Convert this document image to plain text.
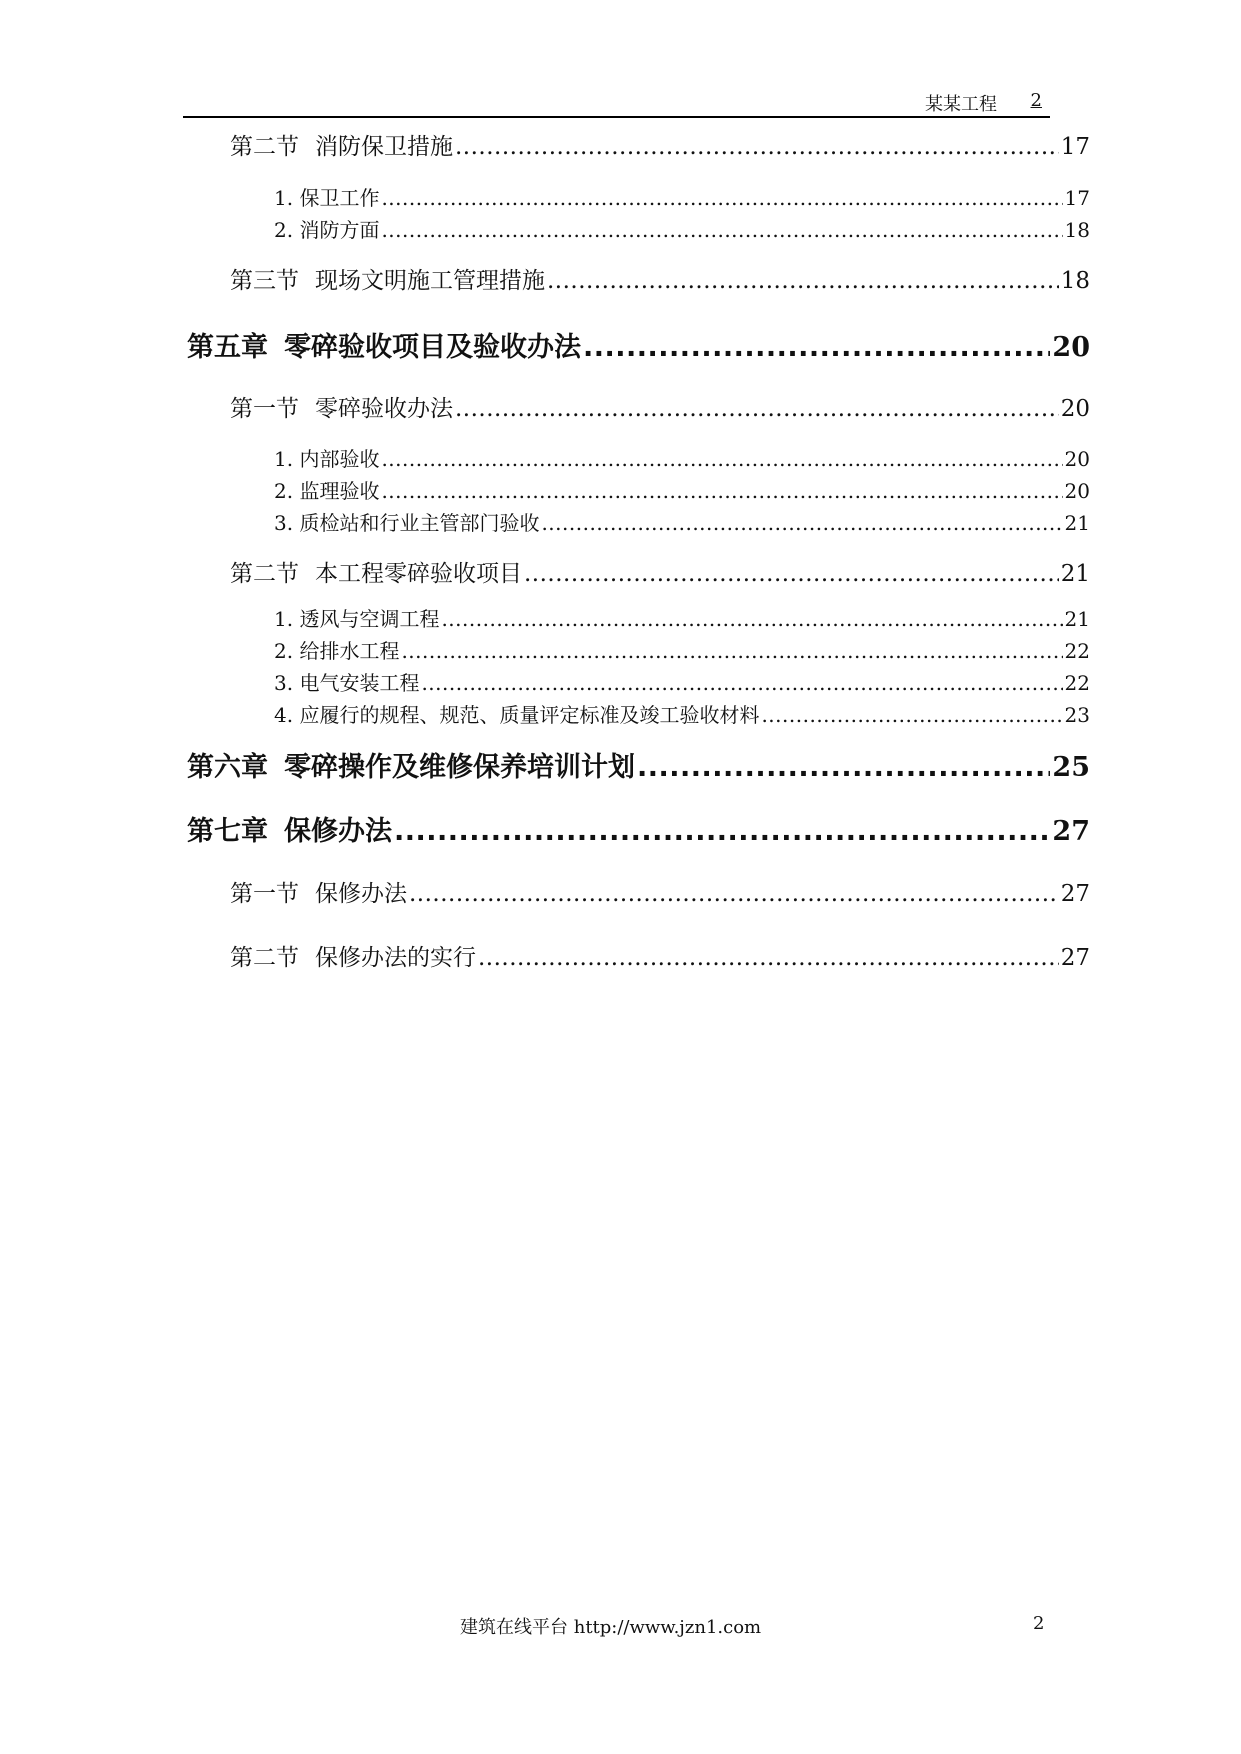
某某工程 2
第二节 消防保卫措施 .....	17
1. 保卫工作 .....	17
2. 消防方面 .....	18
第三节 现场文明施工管理措施 .....	18
第五章 零碎验收项目及验收办法 .....	20
第一节 零碎验收办法 .....	20
1. 内部验收 .....	20
2. 监理验收 .....	20
3. 质检站和行业主管部门验收 .....	21
第二节 本工程零碎验收项目 .....	21
1. 透风与空调工程 .....	21
2. 给排水工程 .....	22
3. 电气安装工程 .....	22
4. 应履行的规程、规范、质量评定标准及竣工验收材料 .....	23
第六章 零碎操作及维修保养培训计划 .....	25
第七章 保修办法 .....	27
第一节 保修办法 .....	27
第二节 保修办法的实行 .....	27
建筑在线平台 http://www.jzn1.com	2
